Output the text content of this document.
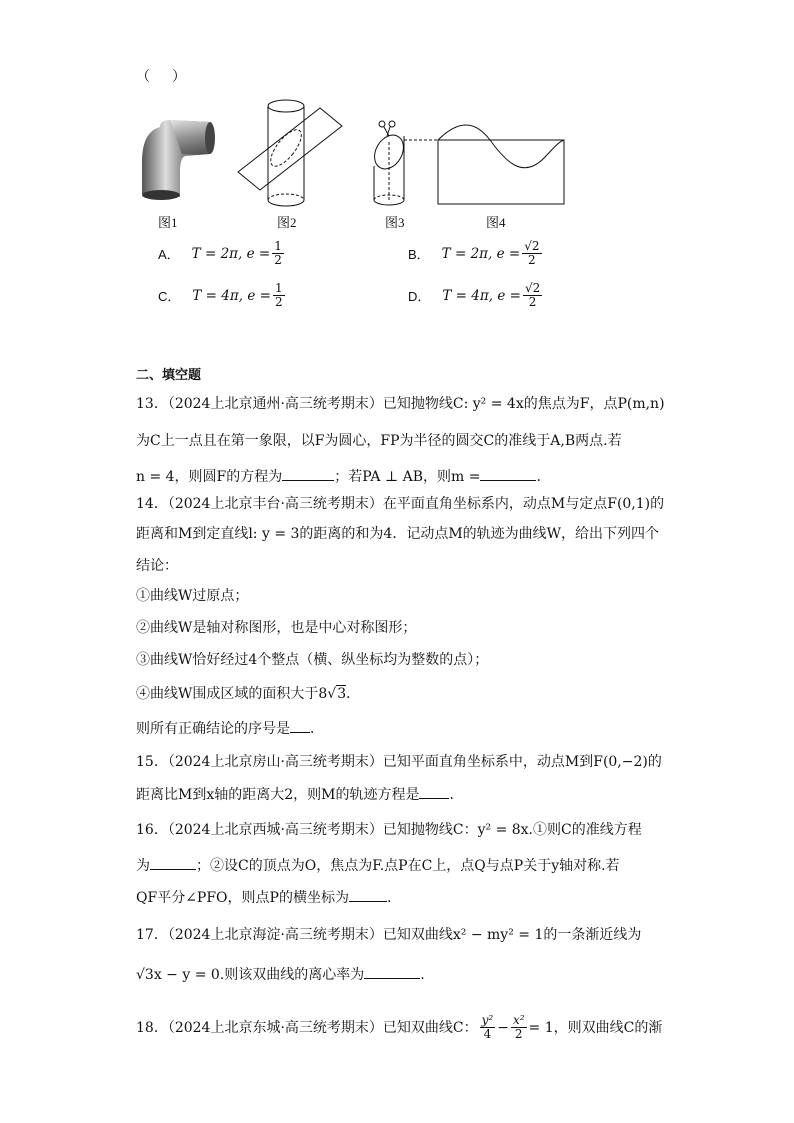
（　）
图1	图2	图3	图4
A． T = 2π, $e = \frac{1}{2}$	B． T = 2π, $e = \frac{√2}{2}$
C． T = 4π, $e = \frac{1}{2}$	D． T = 4π, $e = \frac{√2}{2}$
二、填空题
13．（2024上北京通州·高三统考期末）已知抛物线C: y² = 4x的焦点为F，点P(m,n)
为C上一点且在第一象限，以F为圆心，FP为半径的圆交C的准线于A,B两点.若
n = 4，则圆F的方程为	；若PA ⊥ AB，则m =	.
14．（2024上北京丰台·高三统考期末）在平面直角坐标系内，动点M与定点F(0,1)的
距离和M到定直线l: y = 3的距离的和为4．记动点M的轨迹为曲线W，给出下列四个
结论：
①曲线W过原点；
②曲线W是轴对称图形，也是中心对称图形；
③曲线W恰好经过4个整点（横、纵坐标均为整数的点）；
④曲线W围成区域的面积大于8√3．
则所有正确结论的序号是 ．
15．（2024上北京房山·高三统考期末）已知平面直角坐标系中，动点M到F(0,−2)的
距离比M到x轴的距离大2，则M的轨迹方程是 .
16．（2024上北京西城·高三统考期末）已知抛物线C：y² = 8x.①则C的准线方程
为	；②设C的顶点为O，焦点为F.点P在C上，点Q与点P关于y轴对称.若
QF平分∠PFO，则点P的横坐标为	.
17．（2024上北京海淀·高三统考期末）已知双曲线x² − my² = 1的一条渐近线为
√3x − y = 0.则该双曲线的离心率为	.
18．（2024上北京东城·高三统考期末）已知双曲线C： $\frac{\text{y²}}{4} - \frac{\text{x²}}{2} = 1$，则双曲线C的渐
